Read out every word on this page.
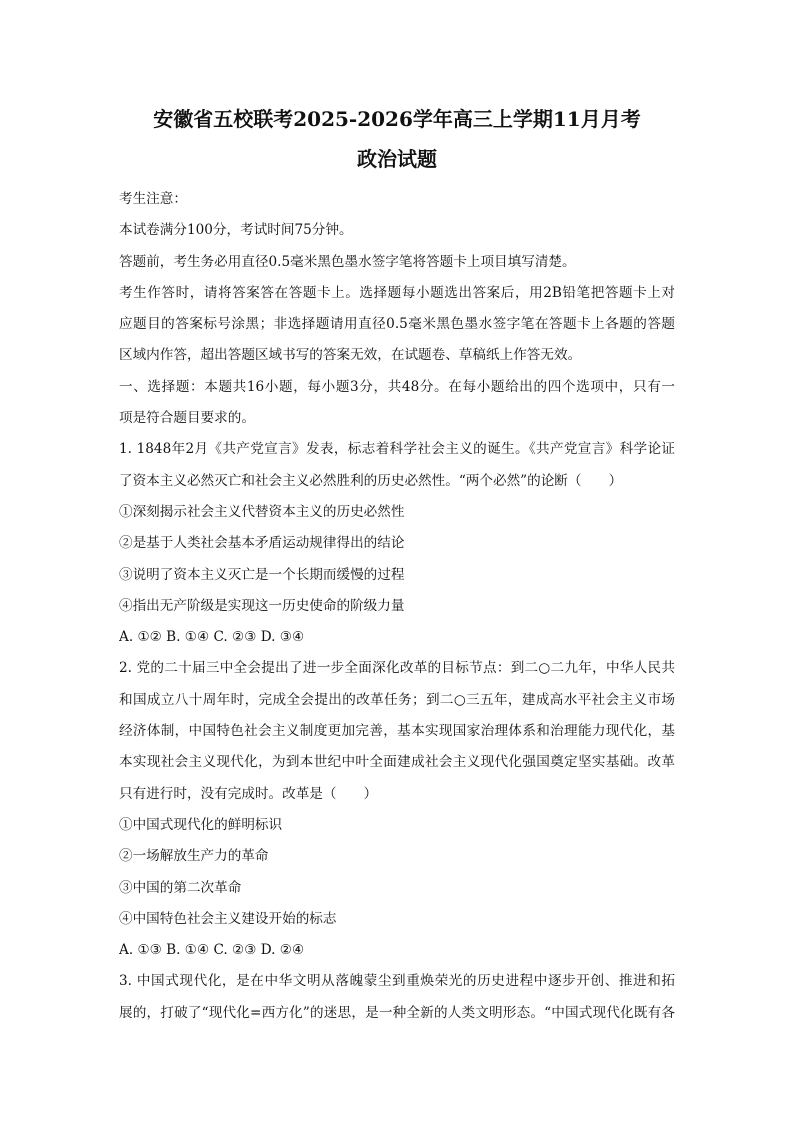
安徽省五校联考2025-2026学年高三上学期11月月考
政治试题
考生注意：
本试卷满分100分，考试时间75分钟。
答题前，考生务必用直径0.5毫米黑色墨水签字笔将答题卡上项目填写清楚。
考生作答时，请将答案答在答题卡上。选择题每小题选出答案后，用2B铅笔把答题卡上对
应题目的答案标号涂黑；非选择题请用直径0.5毫米黑色墨水签字笔在答题卡上各题的答题
区域内作答，超出答题区域书写的答案无效，在试题卷、草稿纸上作答无效。
一、选择题：本题共16小题，每小题3分，共48分。在每小题给出的四个选项中，只有一
项是符合题目要求的。
1. 1848年2月《共产党宣言》发表，标志着科学社会主义的诞生。《共产党宣言》科学论证
了资本主义必然灭亡和社会主义必然胜利的历史必然性。“两个必然”的论断（　　）
①深刻揭示社会主义代替资本主义的历史必然性
②是基于人类社会基本矛盾运动规律得出的结论
③说明了资本主义灭亡是一个长期而缓慢的过程
④指出无产阶级是实现这一历史使命的阶级力量
A. ①② B. ①④ C. ②③ D. ③④
2. 党的二十届三中全会提出了进一步全面深化改革的目标节点：到二○二九年，中华人民共
和国成立八十周年时，完成全会提出的改革任务；到二○三五年，建成高水平社会主义市场
经济体制，中国特色社会主义制度更加完善，基本实现国家治理体系和治理能力现代化，基
本实现社会主义现代化，为到本世纪中叶全面建成社会主义现代化强国奠定坚实基础。改革
只有进行时，没有完成时。改革是（　　）
①中国式现代化的鲜明标识
②一场解放生产力的革命
③中国的第二次革命
④中国特色社会主义建设开始的标志
A. ①③ B. ①④ C. ②③ D. ②④
3. 中国式现代化，是在中华文明从落魄蒙尘到重焕荣光的历史进程中逐步开创、推进和拓
展的，打破了“现代化=西方化”的迷思，是一种全新的人类文明形态。“中国式现代化既有各
